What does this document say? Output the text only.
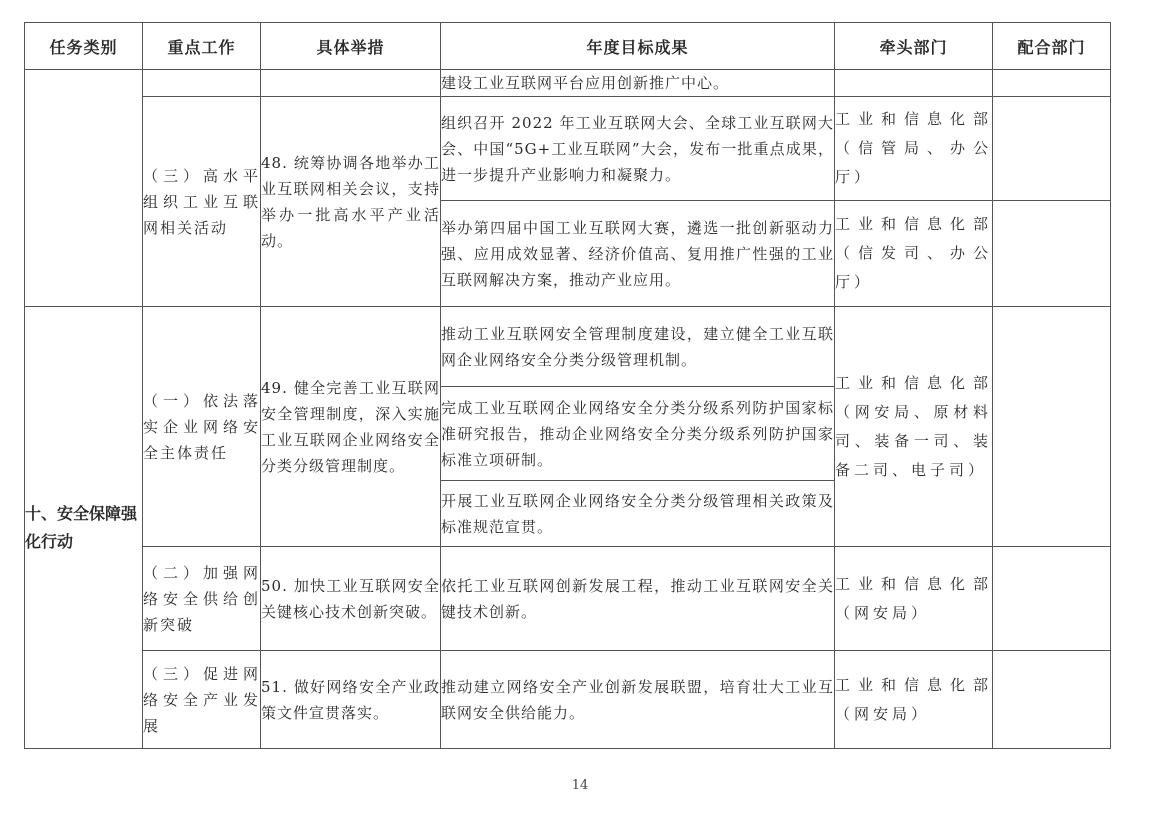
任务类别	重点工作	具体举措	年度目标成果	牵头部门	配合部门
			建设工业互联网平台应用创新推广中心。		
	（三）高水平组织工业互联网相关活动	48. 统筹协调各地举办工业互联网相关会议，支持举办一批高水平产业活动。	组织召开 2022 年工业互联网大会、全球工业互联网大会、中国“5G+工业互联网”大会，发布一批重点成果，进一步提升产业影响力和凝聚力。	工业和信息化部（信管局、办公厅）	
			举办第四届中国工业互联网大赛，遴选一批创新驱动力强、应用成效显著、经济价值高、复用推广性强的工业互联网解决方案，推动产业应用。	工业和信息化部（信发司、办公厅）	
十、安全保障强化行动	（一）依法落实企业网络安全主体责任	49. 健全完善工业互联网安全管理制度，深入实施工业互联网企业网络安全分类分级管理制度。	推动工业互联网安全管理制度建设，建立健全工业互联网企业网络安全分类分级管理机制。	工业和信息化部（网安局、原材料司、装备一司、装备二司、电子司）	
			完成工业互联网企业网络安全分类分级系列防护国家标准研究报告，推动企业网络安全分类分级系列防护国家标准立项研制。		
			开展工业互联网企业网络安全分类分级管理相关政策及标准规范宣贯。		
	（二）加强网络安全供给创新突破	50. 加快工业互联网安全关键核心技术创新突破。	依托工业互联网创新发展工程，推动工业互联网安全关键技术创新。	工业和信息化部（网安局）	
	（三）促进网络安全产业发展	51. 做好网络安全产业政策文件宣贯落实。	推动建立网络安全产业创新发展联盟，培育壮大工业互联网安全供给能力。	工业和信息化部（网安局）	
14
